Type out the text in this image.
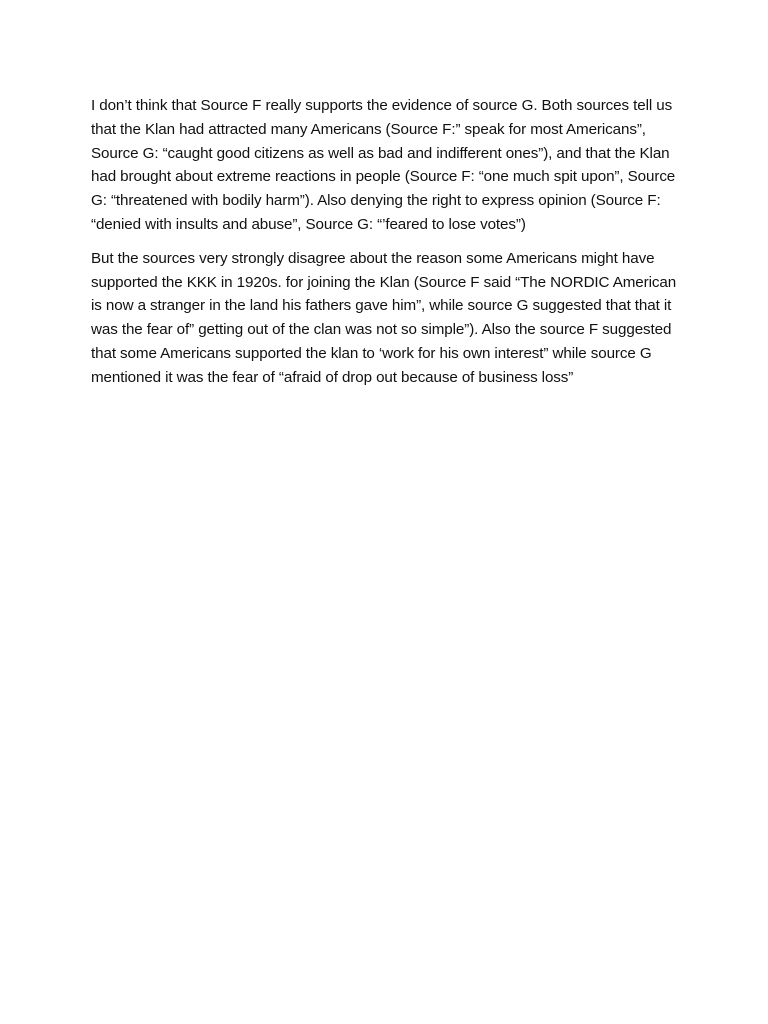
I don’t think that Source F really supports the evidence of source G. Both sources tell us that the Klan had attracted many Americans (Source F:” speak for most Americans”, Source G: “caught good citizens as well as bad and indifferent ones”), and that the Klan had brought about extreme reactions in people (Source F: “one much spit upon”, Source G: “threatened with bodily harm”). Also denying the right to express opinion (Source F: “denied with insults and abuse”, Source G: “’feared to lose votes”)

But the sources very strongly disagree about the reason some Americans might have supported the KKK in 1920s. for joining the Klan (Source F said “The NORDIC American is now a stranger in the land his fathers gave him”, while source G suggested that that it was the fear of” getting out of the clan was not so simple”). Also the source F suggested that some Americans supported the klan to ‘work for his own interest” while source G mentioned it was the fear of “afraid of drop out because of business loss”
